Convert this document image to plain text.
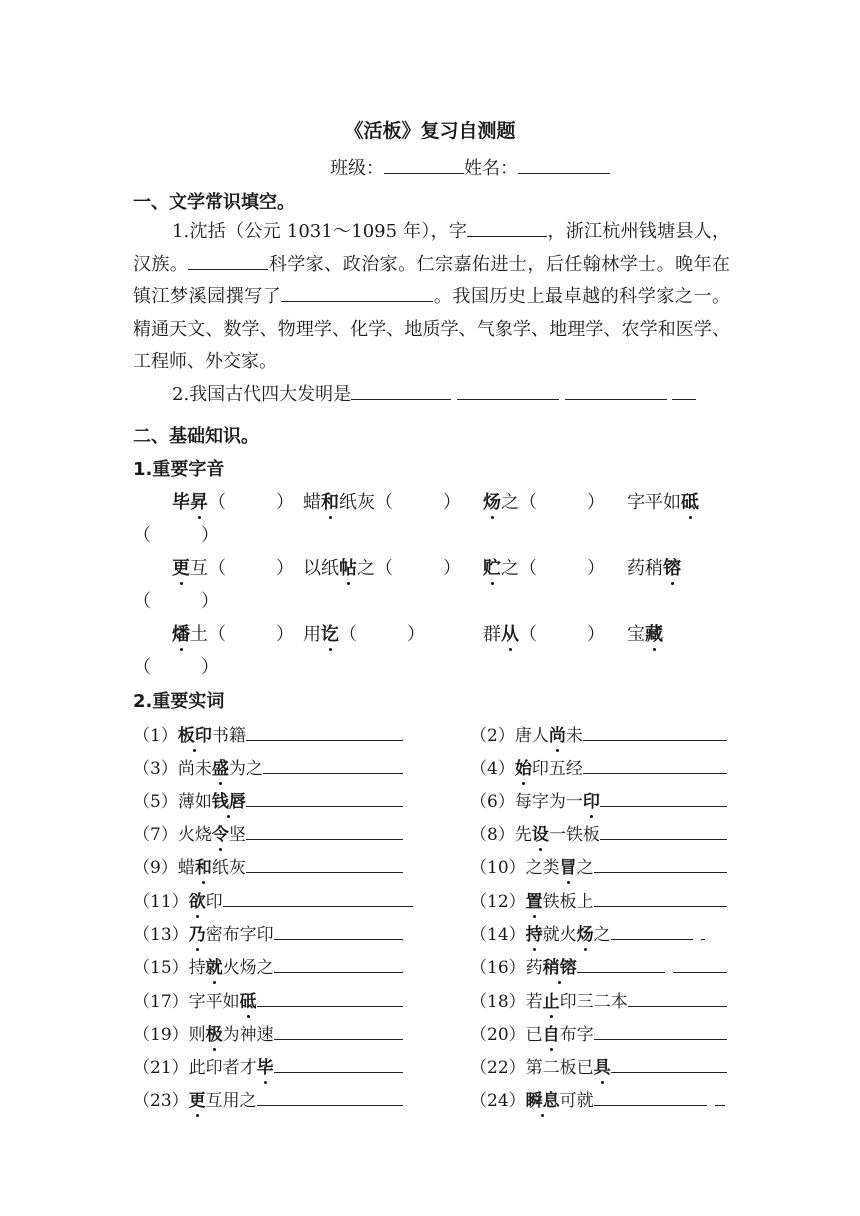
《活板》复习自测题
班级：	姓名：
一、文学常识填空。

1.沈括（公元 1031～1095 年），字	，浙江杭州钱塘县人，汉族。	科学家、政治家。仁宗嘉佑进士，后任翰林学士。晚年在镇江梦溪园撰写了	。我国历史上最卓越的科学家之一。精通天文、数学、物理学、化学、地质学、气象学、地理学、农学和医学、工程师、外交家。

2.我国古代四大发明是

二、基础知识。
1.重要字音
毕昇（	） 蜡和纸灰（	） 炀之（	） 字平如砥
（	）
更互（	） 以纸帖之（	） 贮之（	） 药稍镕
（	）
燔土（	） 用讫（	）	群从（	） 宝藏
（	）
2.重要实词
（1）板印书籍	（2）唐人尚未
（3）尚未盛为之	（4）始印五经
（5）薄如钱唇	（6）每字为一印
（7）火烧令坚	（8）先设一铁板
（9）蜡和纸灰	（10）之类冒之
（11）欲印	（12）置铁板上
（13）乃密布字印	（14）持就火炀之
（15）持就火炀之	（16）药稍镕
（17）字平如砥	（18）若止印三二本
（19）则极为神速	（20）已自布字
（21）此印者才毕	（22）第二板已具
（23）更互用之	（24）瞬息可就
